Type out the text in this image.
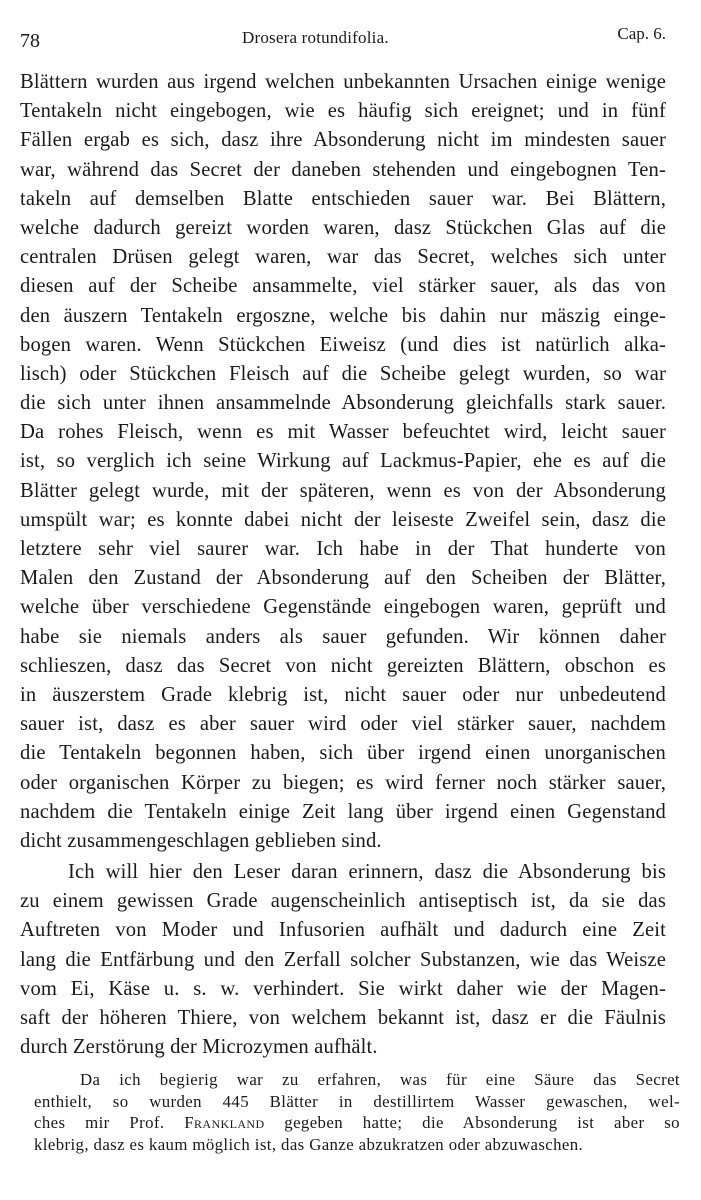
78	Drosera rotundifolia.	Cap. 6.
Blättern wurden aus irgend welchen unbekannten Ursachen einige wenige
Tentakeln nicht eingebogen, wie es häufig sich ereignet; und in fünf
Fällen ergab es sich, dasz ihre Absonderung nicht im mindesten sauer
war, während das Secret der daneben stehenden und eingebognen Ten-
takeln auf demselben Blatte entschieden sauer war. Bei Blättern,
welche dadurch gereizt worden waren, dasz Stückchen Glas auf die
centralen Drüsen gelegt waren, war das Secret, welches sich unter
diesen auf der Scheibe ansammelte, viel stärker sauer, als das von
den äuszern Tentakeln ergoszne, welche bis dahin nur mäszig einge-
bogen waren. Wenn Stückchen Eiweisz (und dies ist natürlich alka-
lisch) oder Stückchen Fleisch auf die Scheibe gelegt wurden, so war
die sich unter ihnen ansammelnde Absonderung gleichfalls stark sauer.
Da rohes Fleisch, wenn es mit Wasser befeuchtet wird, leicht sauer
ist, so verglich ich seine Wirkung auf Lackmus-Papier, ehe es auf die
Blätter gelegt wurde, mit der späteren, wenn es von der Absonderung
umspült war; es konnte dabei nicht der leiseste Zweifel sein, dasz die
letztere sehr viel saurer war. Ich habe in der That hunderte von
Malen den Zustand der Absonderung auf den Scheiben der Blätter,
welche über verschiedene Gegenstände eingebogen waren, geprüft und
habe sie niemals anders als sauer gefunden. Wir können daher
schlieszen, dasz das Secret von nicht gereizten Blättern, obschon es
in äuszerstem Grade klebrig ist, nicht sauer oder nur unbedeutend
sauer ist, dasz es aber sauer wird oder viel stärker sauer, nachdem
die Tentakeln begonnen haben, sich über irgend einen unorganischen
oder organischen Körper zu biegen; es wird ferner noch stärker sauer,
nachdem die Tentakeln einige Zeit lang über irgend einen Gegenstand
dicht zusammengeschlagen geblieben sind.
Ich will hier den Leser daran erinnern, dasz die Absonderung bis
zu einem gewissen Grade augenscheinlich antiseptisch ist, da sie das
Auftreten von Moder und Infusorien aufhält und dadurch eine Zeit
lang die Entfärbung und den Zerfall solcher Substanzen, wie das Weisze
vom Ei, Käse u. s. w. verhindert. Sie wirkt daher wie der Magen-
saft der höheren Thiere, von welchem bekannt ist, dasz er die Fäulnis
durch Zerstörung der Microzymen aufhält.
Da ich begierig war zu erfahren, was für eine Säure das Secret
enthielt, so wurden 445 Blätter in destillirtem Wasser gewaschen, wel-
ches mir Prof. Frankland gegeben hatte; die Absonderung ist aber so
klebrig, dasz es kaum möglich ist, das Ganze abzukratzen oder abzuwaschen.
